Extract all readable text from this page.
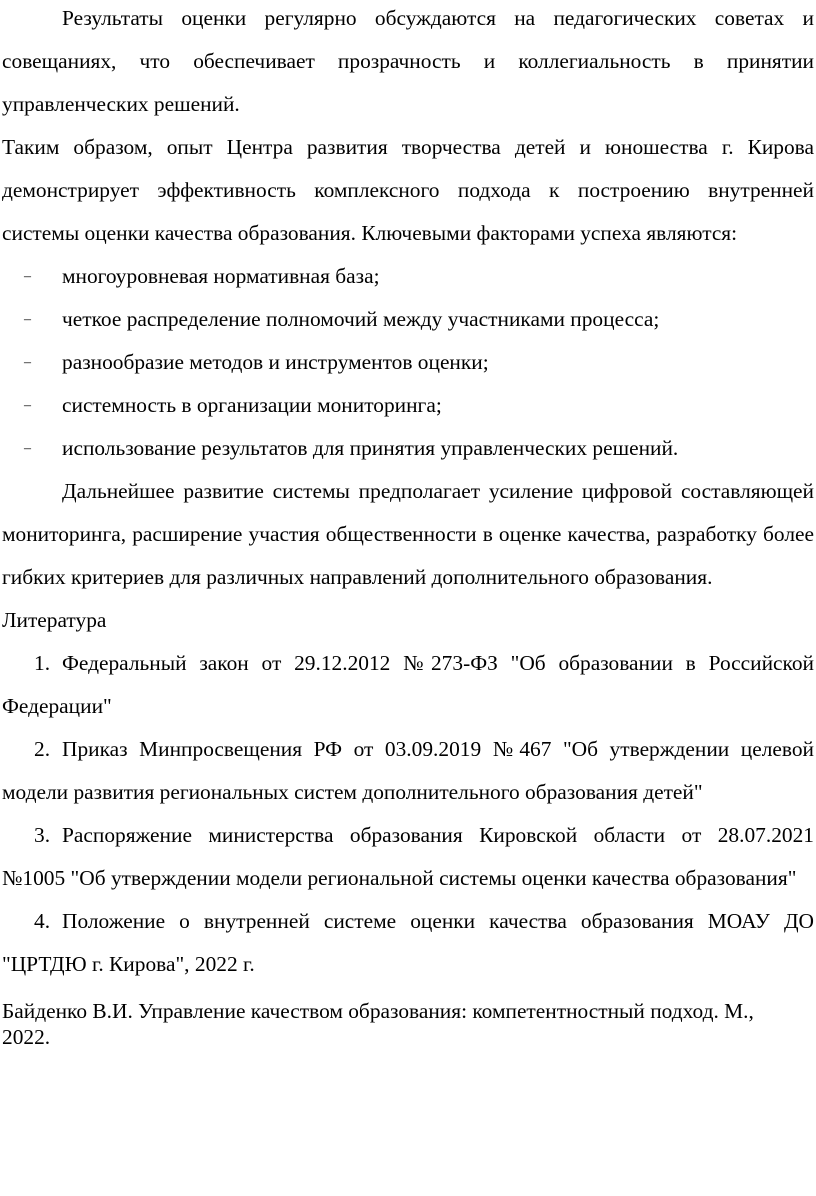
Результаты оценки регулярно обсуждаются на педагогических советах и совещаниях, что обеспечивает прозрачность и коллегиальность в принятии управленческих решений.

Таким образом, опыт Центра развития творчества детей и юношества г. Кирова демонстрирует эффективность комплексного подхода к построению внутренней системы оценки качества образования. Ключевыми факторами успеха являются:

– многоуровневая нормативная база;
– четкое распределение полномочий между участниками процесса;
– разнообразие методов и инструментов оценки;
– системность в организации мониторинга;
– использование результатов для принятия управленческих решений.

Дальнейшее развитие системы предполагает усиление цифровой составляющей мониторинга, расширение участия общественности в оценке качества, разработку более гибких критериев для различных направлений дополнительного образования.

Литература

1. Федеральный закон от 29.12.2012 №273-ФЗ "Об образовании в Российской Федерации"

2. Приказ Минпросвещения РФ от 03.09.2019 №467 "Об утверждении целевой модели развития региональных систем дополнительного образования детей"

3. Распоряжение министерства образования Кировской области от 28.07.2021 №1005 "Об утверждении модели региональной системы оценки качества образования"

4. Положение о внутренней системе оценки качества образования МОАУ ДО "ЦРТДЮ г. Кирова", 2022 г.

Байденко В.И. Управление качеством образования: компетентностный подход. М., 2022.
